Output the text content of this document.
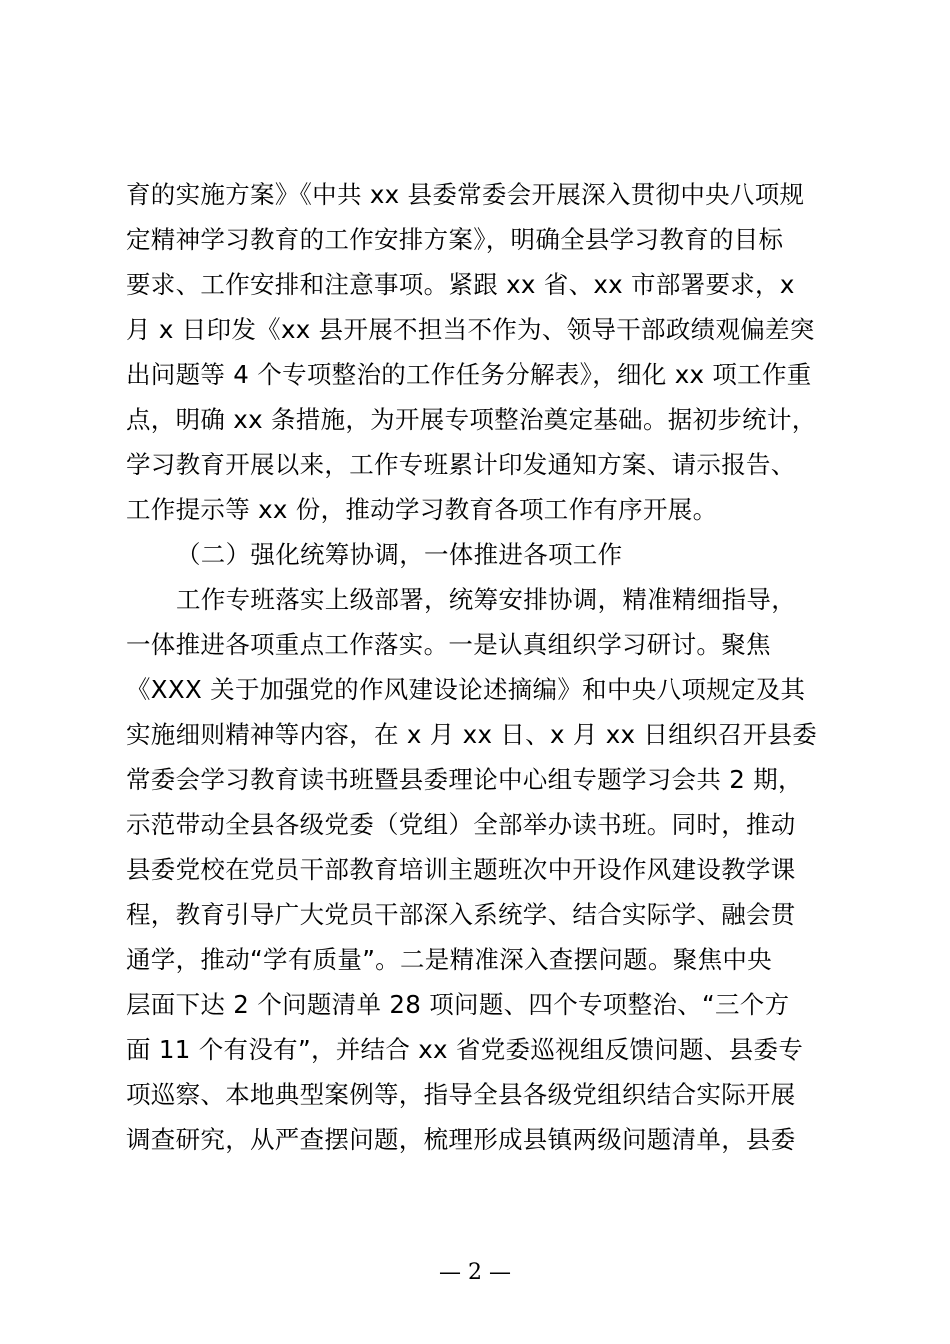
育的实施方案》《中共 xx 县委常委会开展深入贯彻中央八项规
定精神学习教育的工作安排方案》，明确全县学习教育的目标
要求、工作安排和注意事项。紧跟 xx 省、xx 市部署要求，x
月 x 日印发《xx 县开展不担当不作为、领导干部政绩观偏差突
出问题等 4 个专项整治的工作任务分解表》，细化 xx 项工作重
点，明确 xx 条措施，为开展专项整治奠定基础。据初步统计，
学习教育开展以来，工作专班累计印发通知方案、请示报告、
工作提示等 xx 份，推动学习教育各项工作有序开展。
（二）强化统筹协调，一体推进各项工作
工作专班落实上级部署，统筹安排协调，精准精细指导，
一体推进各项重点工作落实。一是认真组织学习研讨。聚焦
《XXX 关于加强党的作风建设论述摘编》和中央八项规定及其
实施细则精神等内容，在 x 月 xx 日、x 月 xx 日组织召开县委
常委会学习教育读书班暨县委理论中心组专题学习会共 2 期，
示范带动全县各级党委（党组）全部举办读书班。同时，推动
县委党校在党员干部教育培训主题班次中开设作风建设教学课
程，教育引导广大党员干部深入系统学、结合实际学、融会贯
通学，推动“学有质量”。二是精准深入查摆问题。聚焦中央
层面下达 2 个问题清单 28 项问题、四个专项整治、“三个方
面 11 个有没有”，并结合 xx 省党委巡视组反馈问题、县委专
项巡察、本地典型案例等，指导全县各级党组织结合实际开展
调查研究，从严查摆问题，梳理形成县镇两级问题清单，县委
— 2 —
